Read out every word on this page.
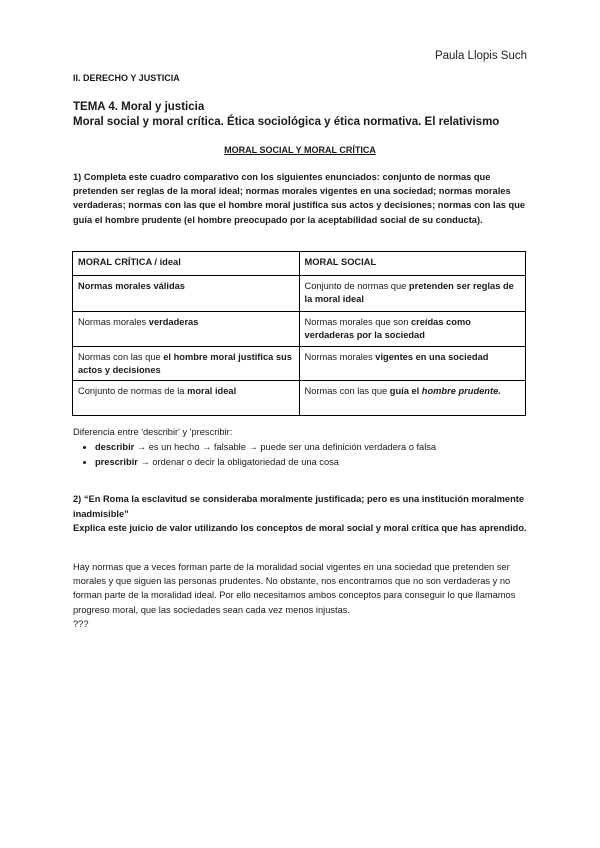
Paula Llopis Such
II. DERECHO Y JUSTICIA
TEMA 4. Moral y justicia
Moral social y moral crítica. Ética sociológica y ética normativa. El relativismo
MORAL SOCIAL Y MORAL CRÍTICA
1) Completa este cuadro comparativo con los siguientes enunciados: conjunto de normas que pretenden ser reglas de la moral ideal; normas morales vigentes en una sociedad; normas morales verdaderas; normas con las que el hombre moral justifica sus actos y decisiones; normas con las que guía el hombre prudente (el hombre preocupado por la aceptabilidad social de su conducta).
MORAL CRÍTICA / ideal	MORAL SOCIAL
Normas morales válidas	Conjunto de normas que pretenden ser reglas de la moral ideal
Normas morales verdaderas	Normas morales que son creídas como verdaderas por la sociedad
Normas con las que el hombre moral justifica sus actos y decisiones	Normas morales vigentes en una sociedad
Conjunto de normas de la moral ideal	Normas con las que guía el hombre prudente.
Diferencia entre 'describir' y 'prescribir:
• describir → es un hecho → falsable → puede ser una definición verdadera o falsa
• prescribir → ordenar o decir la obligatoriedad de una cosa
2) “En Roma la esclavitud se consideraba moralmente justificada; pero es una institución moralmente inadmisible”
Explica este juicio de valor utilizando los conceptos de moral social y moral crítica que has aprendido.
Hay normas que a veces forman parte de la moralidad social vigentes en una sociedad que pretenden ser morales y que siguen las personas prudentes. No obstante, nos encontramos que no son verdaderas y no forman parte de la moralidad ideal. Por ello necesitamos ambos conceptos para conseguir lo que llamamos progreso moral, que las sociedades sean cada vez menos injustas.
???
